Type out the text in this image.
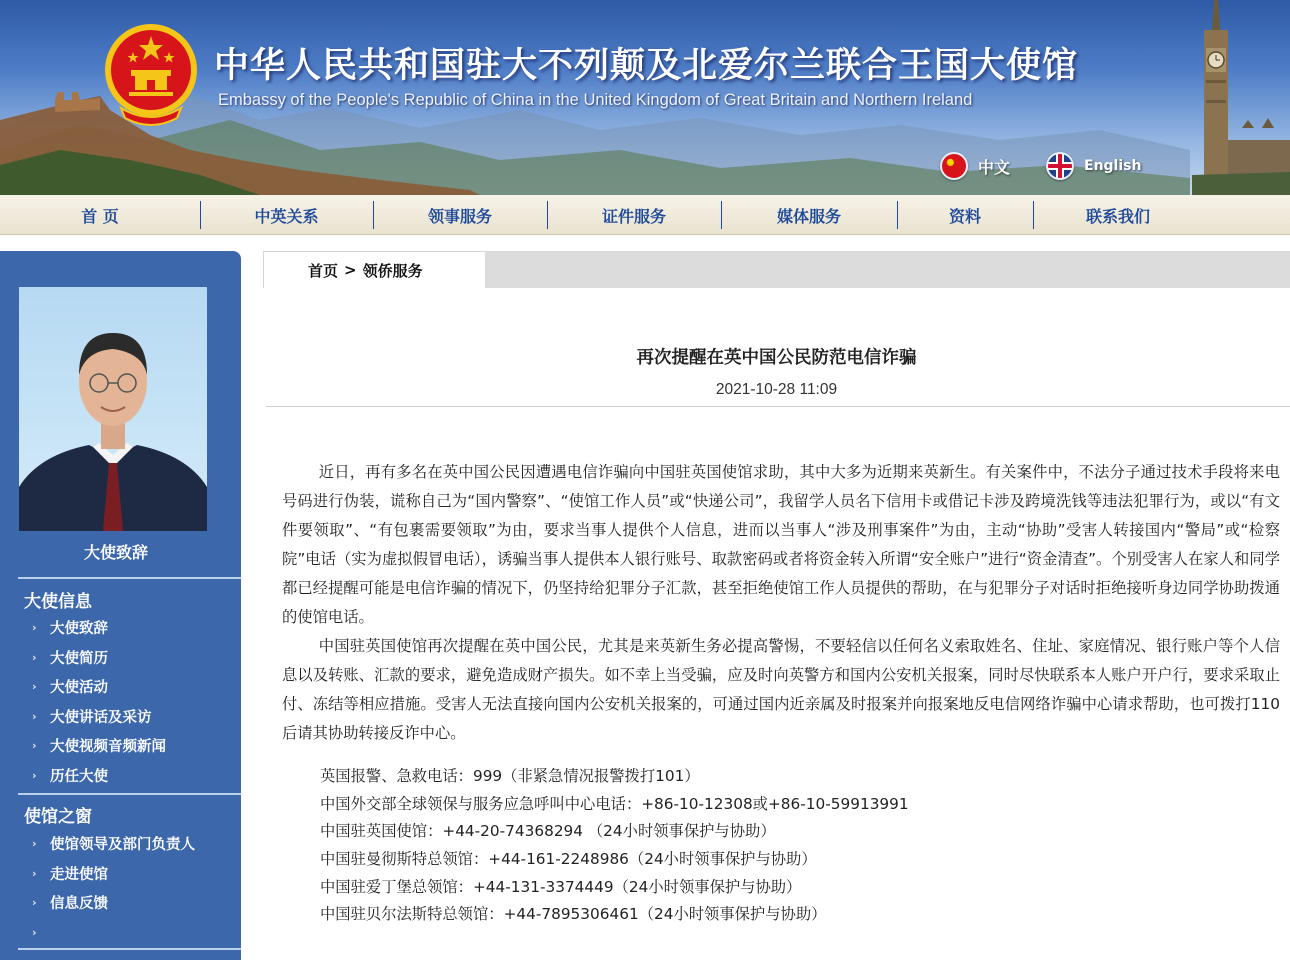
中华人民共和国驻大不列颠及北爱尔兰联合王国大使馆
Embassy of the People's Republic of China in the United Kingdom of Great Britain and Northern Ireland
中文	English
首 页	中英关系	领事服务	证件服务	媒体服务	资料	联系我们
大使致辞
大使信息
› 大使致辞
› 大使简历
› 大使活动
› 大使讲话及采访
› 大使视频音频新闻
› 历任大使
使馆之窗
› 使馆领导及部门负责人
› 走进使馆
› 信息反馈
›
首页 > 领侨服务
再次提醒在英中国公民防范电信诈骗
2021-10-28 11:09

近日，再有多名在英中国公民因遭遇电信诈骗向中国驻英国使馆求助，其中大多为近期来英新生。有关案件中，不法分子通过技术手段将来电号码进行伪装，谎称自己为“国内警察”、“使馆工作人员”或“快递公司”，我留学人员名下信用卡或借记卡涉及跨境洗钱等违法犯罪行为，或以“有文件要领取”、“有包裹需要领取”为由，要求当事人提供个人信息，进而以当事人“涉及刑事案件”为由，主动“协助”受害人转接国内“警局”或“检察院”电话（实为虚拟假冒电话），诱骗当事人提供本人银行账号、取款密码或者将资金转入所谓“安全账户”进行“资金清查”。个别受害人在家人和同学都已经提醒可能是电信诈骗的情况下，仍坚持给犯罪分子汇款，甚至拒绝使馆工作人员提供的帮助，在与犯罪分子对话时拒绝接听身边同学协助拨通的使馆电话。

中国驻英国使馆再次提醒在英中国公民，尤其是来英新生务必提高警惕，不要轻信以任何名义索取姓名、住址、家庭情况、银行账户等个人信息以及转账、汇款的要求，避免造成财产损失。如不幸上当受骗，应及时向英警方和国内公安机关报案，同时尽快联系本人账户开户行，要求采取止付、冻结等相应措施。受害人无法直接向国内公安机关报案的，可通过国内近亲属及时报案并向报案地反电信网络诈骗中心请求帮助，也可拨打110后请其协助转接反诈中心。

英国报警、急救电话：999（非紧急情况报警拨打101）
中国外交部全球领保与服务应急呼叫中心电话：+86-10-12308或+86-10-59913991
中国驻英国使馆：+44-20-74368294 （24小时领事保护与协助）
中国驻曼彻斯特总领馆：+44-161-2248986（24小时领事保护与协助）
中国驻爱丁堡总领馆：+44-131-3374449（24小时领事保护与协助）
中国驻贝尔法斯特总领馆：+44-7895306461（24小时领事保护与协助）
